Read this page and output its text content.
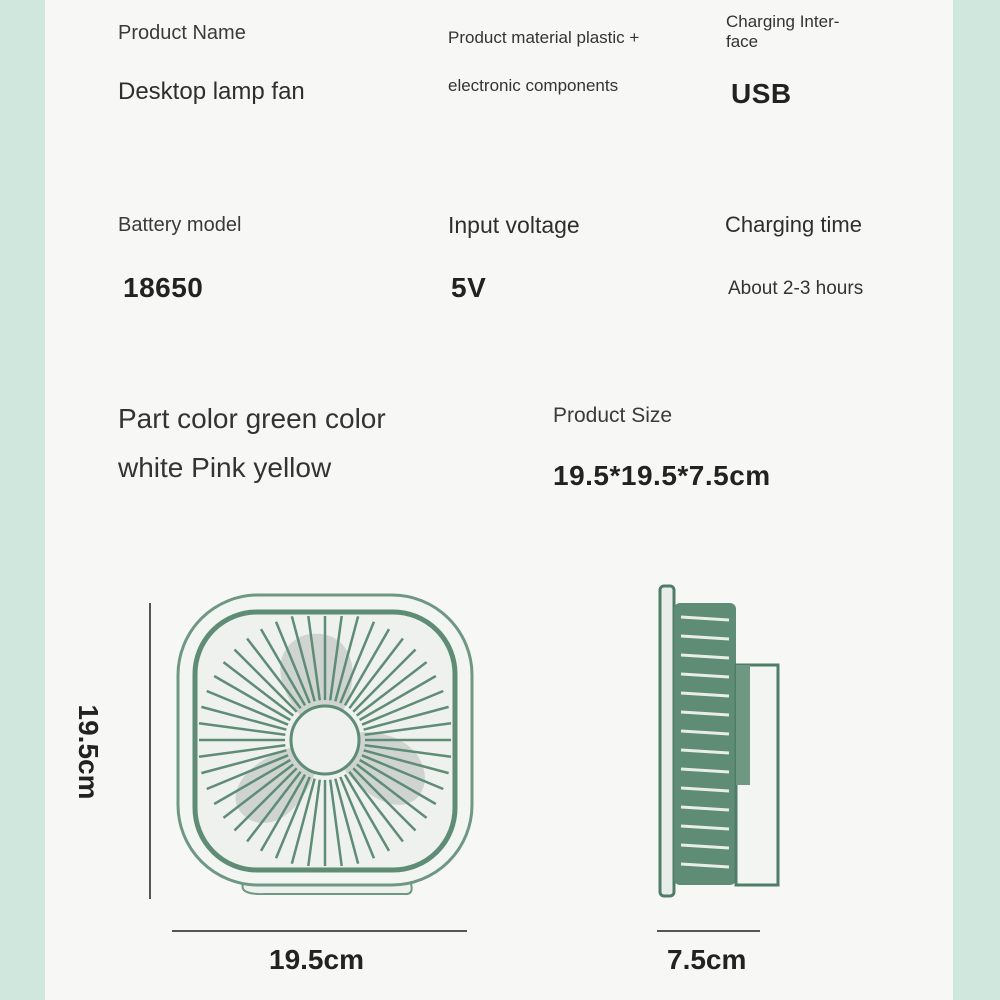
Product Name
Desktop lamp fan
Product material plastic +
electronic components
Charging Inter-
face
USB
Battery model
18650
Input voltage
5V
Charging time
About 2-3 hours
Part color green color
white Pink yellow
Product Size
19.5*19.5*7.5cm
19.5cm
19.5cm	7.5cm
